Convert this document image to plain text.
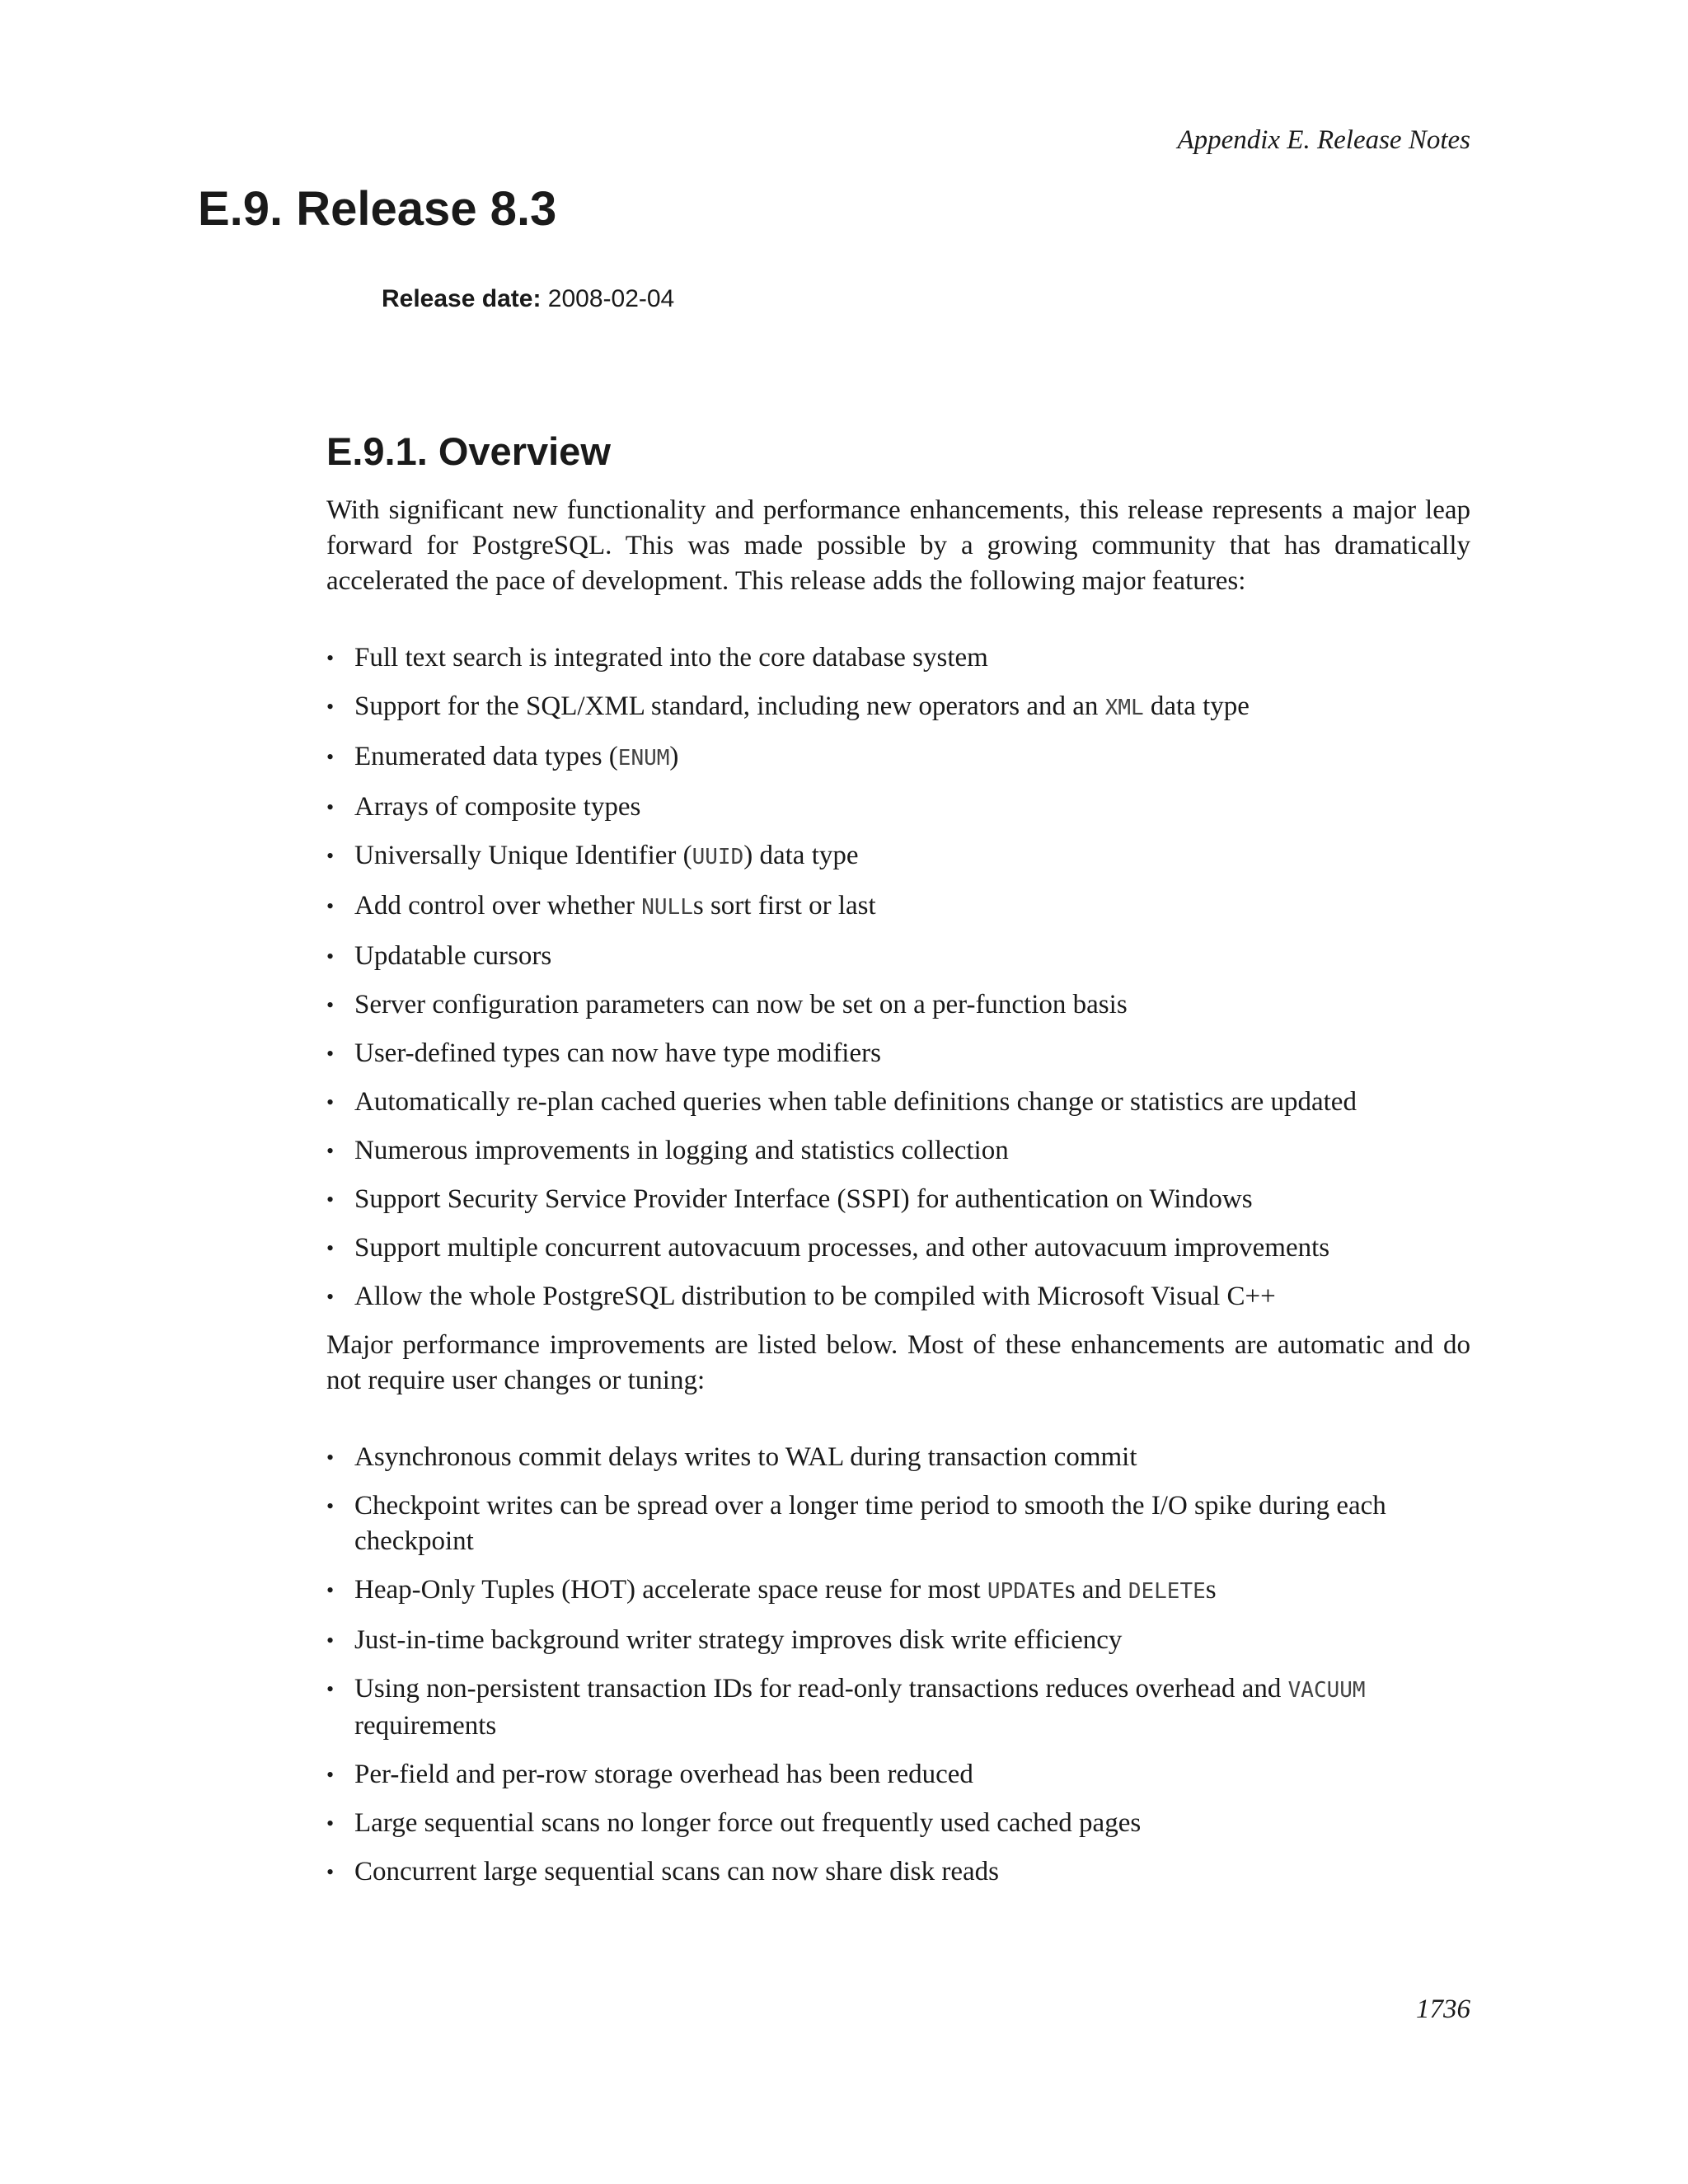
Appendix E. Release Notes
E.9. Release 8.3
Release date: 2008-02-04
E.9.1. Overview

With significant new functionality and performance enhancements, this release represents a major leap forward for PostgreSQL. This was made possible by a growing community that has dramatically accelerated the pace of development. This release adds the following major features:

• Full text search is integrated into the core database system
• Support for the SQL/XML standard, including new operators and an XML data type
• Enumerated data types (ENUM)
• Arrays of composite types
• Universally Unique Identifier (UUID) data type
• Add control over whether NULLs sort first or last
• Updatable cursors
• Server configuration parameters can now be set on a per-function basis
• User-defined types can now have type modifiers
• Automatically re-plan cached queries when table definitions change or statistics are updated
• Numerous improvements in logging and statistics collection
• Support Security Service Provider Interface (SSPI) for authentication on Windows
• Support multiple concurrent autovacuum processes, and other autovacuum improvements
• Allow the whole PostgreSQL distribution to be compiled with Microsoft Visual C++

Major performance improvements are listed below. Most of these enhancements are automatic and do not require user changes or tuning:

• Asynchronous commit delays writes to WAL during transaction commit
• Checkpoint writes can be spread over a longer time period to smooth the I/O spike during each checkpoint
• Heap-Only Tuples (HOT) accelerate space reuse for most UPDATEs and DELETEs
• Just-in-time background writer strategy improves disk write efficiency
• Using non-persistent transaction IDs for read-only transactions reduces overhead and VACUUM requirements
• Per-field and per-row storage overhead has been reduced
• Large sequential scans no longer force out frequently used cached pages
• Concurrent large sequential scans can now share disk reads
1736
